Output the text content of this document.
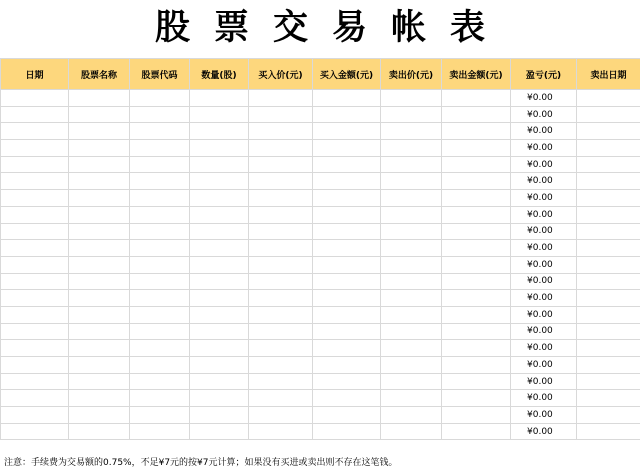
股票交易帐表
日期	股票名称	股票代码	数量(股)	买入价(元)	买入金额(元)	卖出价(元)	卖出金额(元)	盈亏(元)	卖出日期
								¥0.00	
								¥0.00	
								¥0.00	
								¥0.00	
								¥0.00	
								¥0.00	
								¥0.00	
								¥0.00	
								¥0.00	
								¥0.00	
								¥0.00	
								¥0.00	
								¥0.00	
								¥0.00	
								¥0.00	
								¥0.00	
								¥0.00	
								¥0.00	
								¥0.00	
								¥0.00	
								¥0.00	
注意：手续费为交易额的0.75%，不足¥7元的按¥7元计算；如果没有买进或卖出则不存在这笔钱。
